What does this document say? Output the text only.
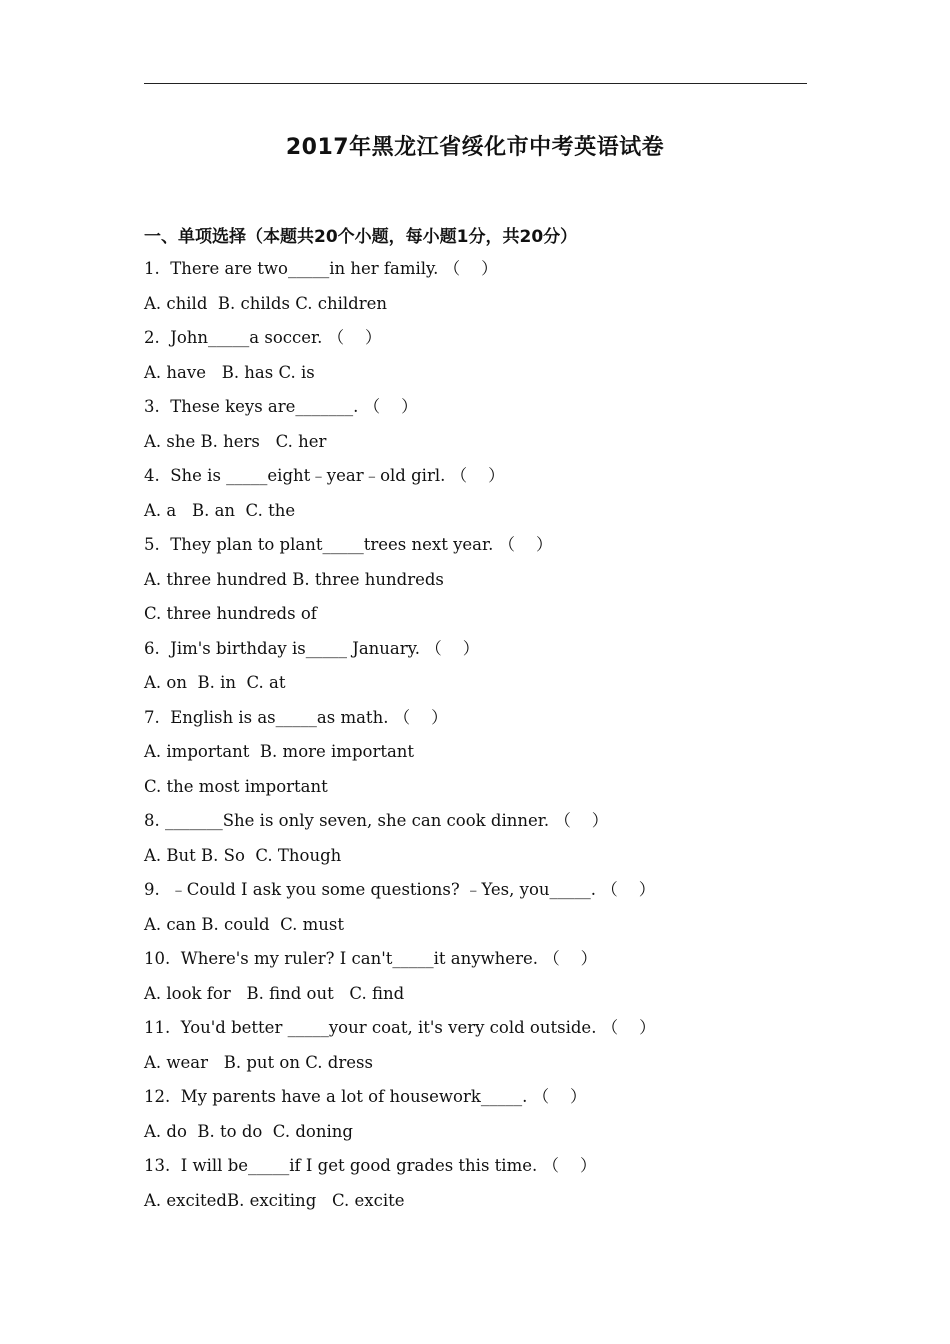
2017年黑龙江省绥化市中考英语试卷
一、单项选择（本题共20个小题，每小题1分，共20分）
1.  There are two_____in her family. （    ）
A. child  B. childs C. children
2.  John_____a soccer. （    ）
A. have   B. has C. is
3.  These keys are_______. （    ）
A. she B. hers   C. her
4.  She is _____eight﹣year﹣old girl. （    ）
A. a   B. an  C. the
5.  They plan to plant_____trees next year. （    ）
A. three hundred B. three hundreds
C. three hundreds of
6.  Jim's birthday is_____ January. （    ）
A. on  B. in  C. at
7.  English is as_____as math. （    ）
A. important  B. more important
C. the most important
8. _______She is only seven, she can cook dinner. （    ）
A. But B. So  C. Though
9.  ﹣Could I ask you some questions? ﹣Yes, you_____. （    ）
A. can B. could  C. must
10.  Where's my ruler? I can't_____it anywhere. （    ）
A. look for   B. find out   C. find
11.  You'd better _____your coat, it's very cold outside. （    ）
A. wear   B. put on C. dress
12.  My parents have a lot of housework_____. （    ）
A. do  B. to do  C. doning
13.  I will be_____if I get good grades this time. （    ）
A. excitedB. exciting   C. excite
